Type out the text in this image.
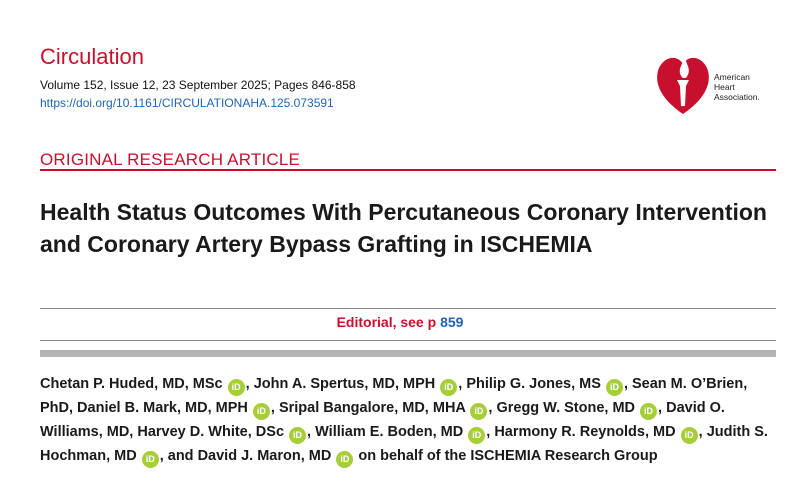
Circulation
Volume 152, Issue 12, 23 September 2025; Pages 846-858
https://doi.org/10.1161/CIRCULATIONAHA.125.073591
American
Heart
Association.
ORIGINAL RESEARCH ARTICLE
Health Status Outcomes With Percutaneous Coronary Intervention and Coronary Artery Bypass Grafting in ISCHEMIA
Editorial, see p 859
Chetan P. Huded, MD, MSc iD , John A. Spertus, MD, MPH iD , Philip G. Jones, MS iD , Sean M. O’Brien, PhD, Daniel B. Mark, MD, MPH iD , Sripal Bangalore, MD, MHA iD , Gregg W. Stone, MD iD , David O. Williams, MD, Harvey D. White, DSc iD , William E. Boden, MD iD , Harmony R. Reynolds, MD iD , Judith S. Hochman, MD iD , and David J. Maron, MD iD on behalf of the ISCHEMIA Research Group
